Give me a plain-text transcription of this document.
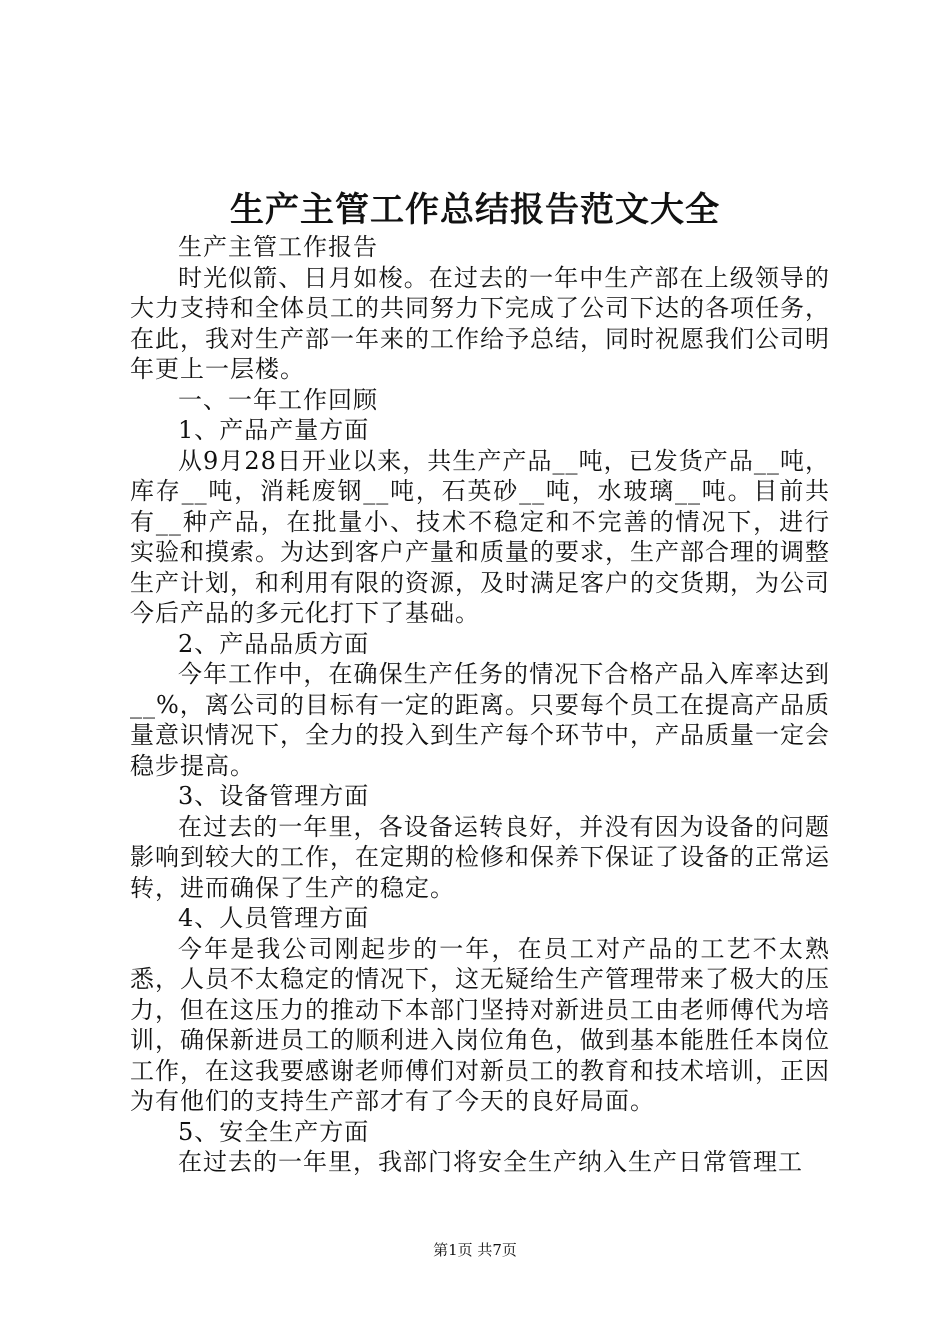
生产主管工作总结报告范文大全

生产主管工作报告

时光似箭、日月如梭。在过去的一年中生产部在上级领导的大力支持和全体员工的共同努力下完成了公司下达的各项任务，在此，我对生产部一年来的工作给予总结，同时祝愿我们公司明年更上一层楼。

一、一年工作回顾

1、产品产量方面

从9月28日开业以来，共生产产品__吨，已发货产品__吨，库存__吨，消耗废钢__吨，石英砂__吨，水玻璃__吨。目前共有__种产品，在批量小、技术不稳定和不完善的情况下，进行实验和摸索。为达到客户产量和质量的要求，生产部合理的调整生产计划，和利用有限的资源，及时满足客户的交货期，为公司今后产品的多元化打下了基础。

2、产品品质方面

今年工作中，在确保生产任务的情况下合格产品入库率达到__%，离公司的目标有一定的距离。只要每个员工在提高产品质量意识情况下，全力的投入到生产每个环节中，产品质量一定会稳步提高。

3、设备管理方面

在过去的一年里，各设备运转良好，并没有因为设备的问题影响到较大的工作，在定期的检修和保养下保证了设备的正常运转，进而确保了生产的稳定。

4、人员管理方面

今年是我公司刚起步的一年，在员工对产品的工艺不太熟悉，人员不太稳定的情况下，这无疑给生产管理带来了极大的压力，但在这压力的推动下本部门坚持对新进员工由老师傅代为培训，确保新进员工的顺利进入岗位角色，做到基本能胜任本岗位工作，在这我要感谢老师傅们对新员工的教育和技术培训，正因为有他们的支持生产部才有了今天的良好局面。

5、安全生产方面

在过去的一年里，我部门将安全生产纳入生产日常管理工

第1页 共7页
